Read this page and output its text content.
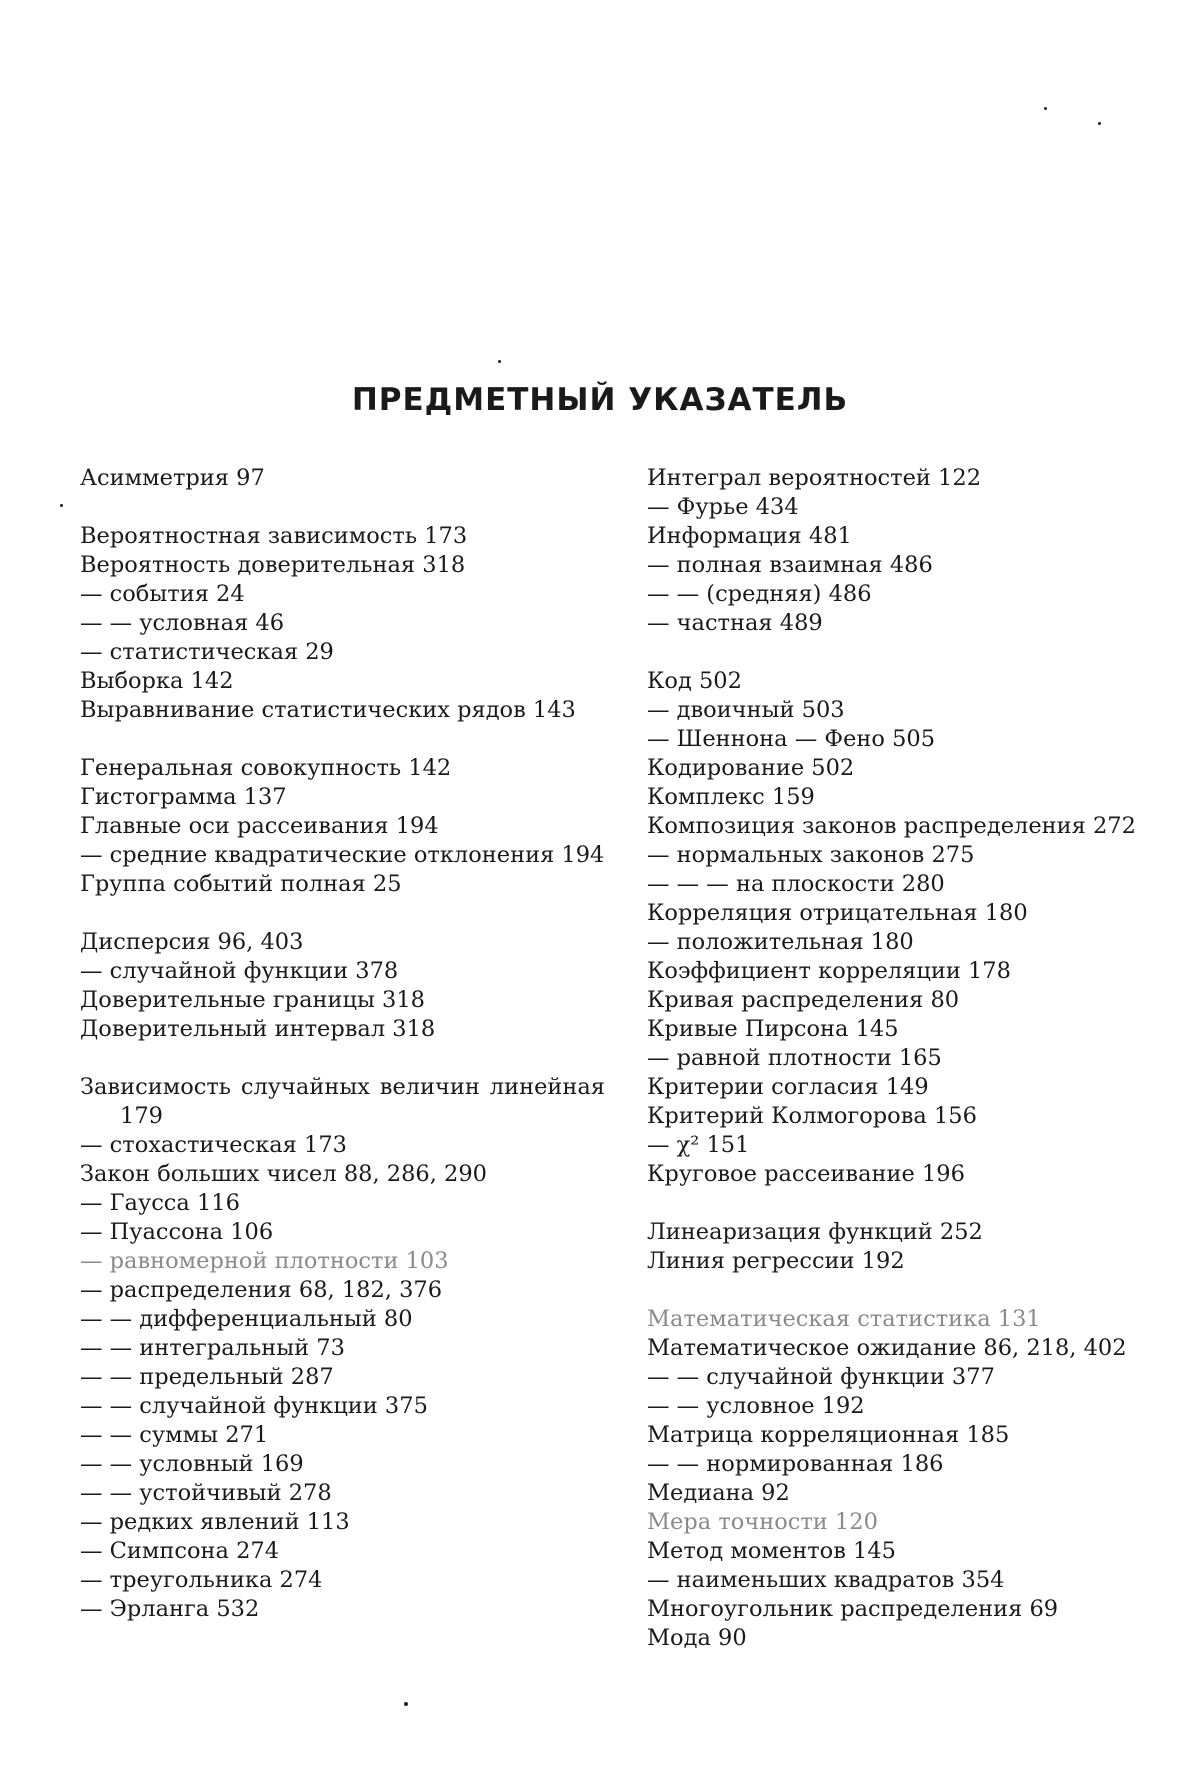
ПРЕДМЕТНЫЙ УКАЗАТЕЛЬ
Асимметрия 97
Вероятностная зависимость 173
Вероятность доверительная 318
— события 24
— — условная 46
— статистическая 29
Выборка 142
Выравнивание статистических рядов 143
Генеральная совокупность 142
Гистограмма 137
Главные оси рассеивания 194
— средние квадратические отклонения 194
Группа событий полная 25
Дисперсия 96, 403
— случайной функции 378
Доверительные границы 318
Доверительный интервал 318
Зависимость случайных величин линейная 179
— стохастическая 173
Закон больших чисел 88, 286, 290
— Гаусса 116
— Пуассона 106
— равномерной плотности 103
— распределения 68, 182, 376
— — дифференциальный 80
— — интегральный 73
— — предельный 287
— — случайной функции 375
— — суммы 271
— — условный 169
— — устойчивый 278
— редких явлений 113
— Симпсона 274
— треугольника 274
— Эрланга 532
Интеграл вероятностей 122
— Фурье 434
Информация 481
— полная взаимная 486
— — (средняя) 486
— частная 489
Код 502
— двоичный 503
— Шеннона — Фено 505
Кодирование 502
Комплекс 159
Композиция законов распределения 272
— нормальных законов 275
— — — на плоскости 280
Корреляция отрицательная 180
— положительная 180
Коэффициент корреляции 178
Кривая распределения 80
Кривые Пирсона 145
— равной плотности 165
Критерии согласия 149
Критерий Колмогорова 156
— χ² 151
Круговое рассеивание 196
Линеаризация функций 252
Линия регрессии 192
Математическая статистика 131
Математическое ожидание 86, 218, 402
— — случайной функции 377
— — условное 192
Матрица корреляционная 185
— — нормированная 186
Медиана 92
Мера точности 120
Метод моментов 145
— наименьших квадратов 354
Многоугольник распределения 69
Мода 90
